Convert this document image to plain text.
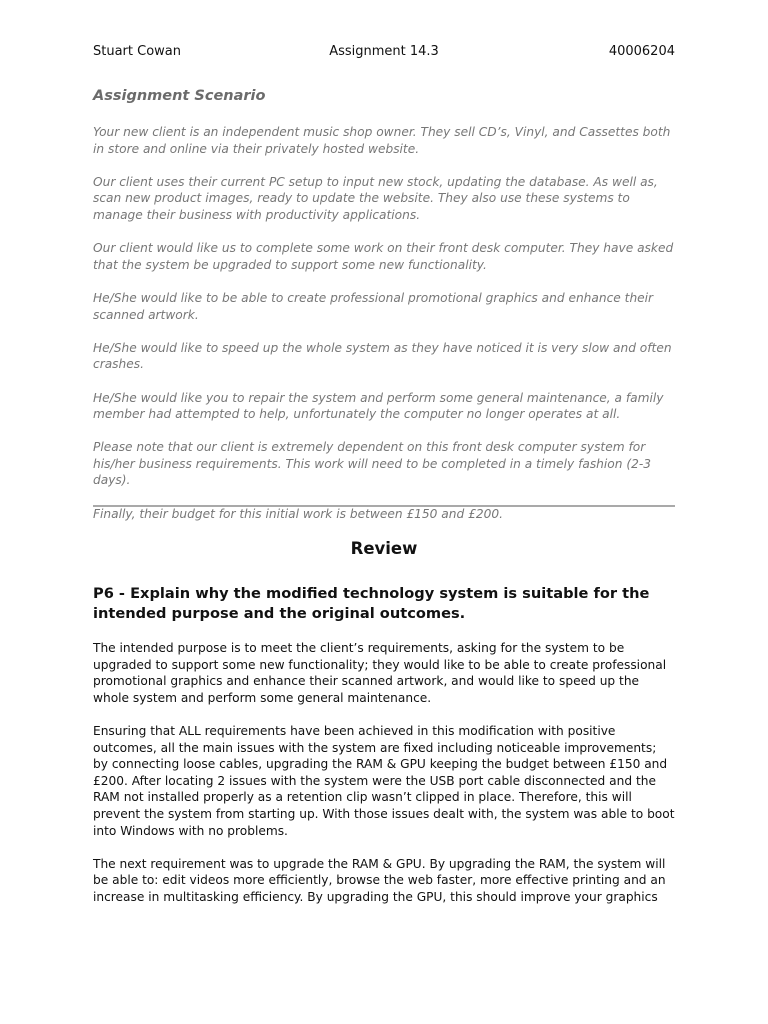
Stuart Cowan	Assignment 14.3	40006204
Assignment Scenario

Your new client is an independent music shop owner. They sell CD’s, Vinyl, and Cassettes both in store and online via their privately hosted website.

Our client uses their current PC setup to input new stock, updating the database. As well as, scan new product images, ready to update the website. They also use these systems to manage their business with productivity applications.

Our client would like us to complete some work on their front desk computer. They have asked that the system be upgraded to support some new functionality.

He/She would like to be able to create professional promotional graphics and enhance their scanned artwork.

He/She would like to speed up the whole system as they have noticed it is very slow and often crashes.

He/She would like you to repair the system and perform some general maintenance, a family member had attempted to help, unfortunately the computer no longer operates at all.

Please note that our client is extremely dependent on this front desk computer system for his/her business requirements. This work will need to be completed in a timely fashion (2-3 days).

Finally, their budget for this initial work is between £150 and £200.

Review
P6 - Explain why the modified technology system is suitable for the intended purpose and the original outcomes.

The intended purpose is to meet the client’s requirements, asking for the system to be upgraded to support some new functionality; they would like to be able to create professional promotional graphics and enhance their scanned artwork, and would like to speed up the whole system and perform some general maintenance.

Ensuring that ALL requirements have been achieved in this modification with positive outcomes, all the main issues with the system are fixed including noticeable improvements; by connecting loose cables, upgrading the RAM & GPU keeping the budget between £150 and £200. After locating 2 issues with the system were the USB port cable disconnected and the RAM not installed properly as a retention clip wasn’t clipped in place. Therefore, this will prevent the system from starting up. With those issues dealt with, the system was able to boot into Windows with no problems.

The next requirement was to upgrade the RAM & GPU. By upgrading the RAM, the system will be able to: edit videos more efficiently, browse the web faster, more effective printing and an increase in multitasking efficiency. By upgrading the GPU, this should improve your graphics
